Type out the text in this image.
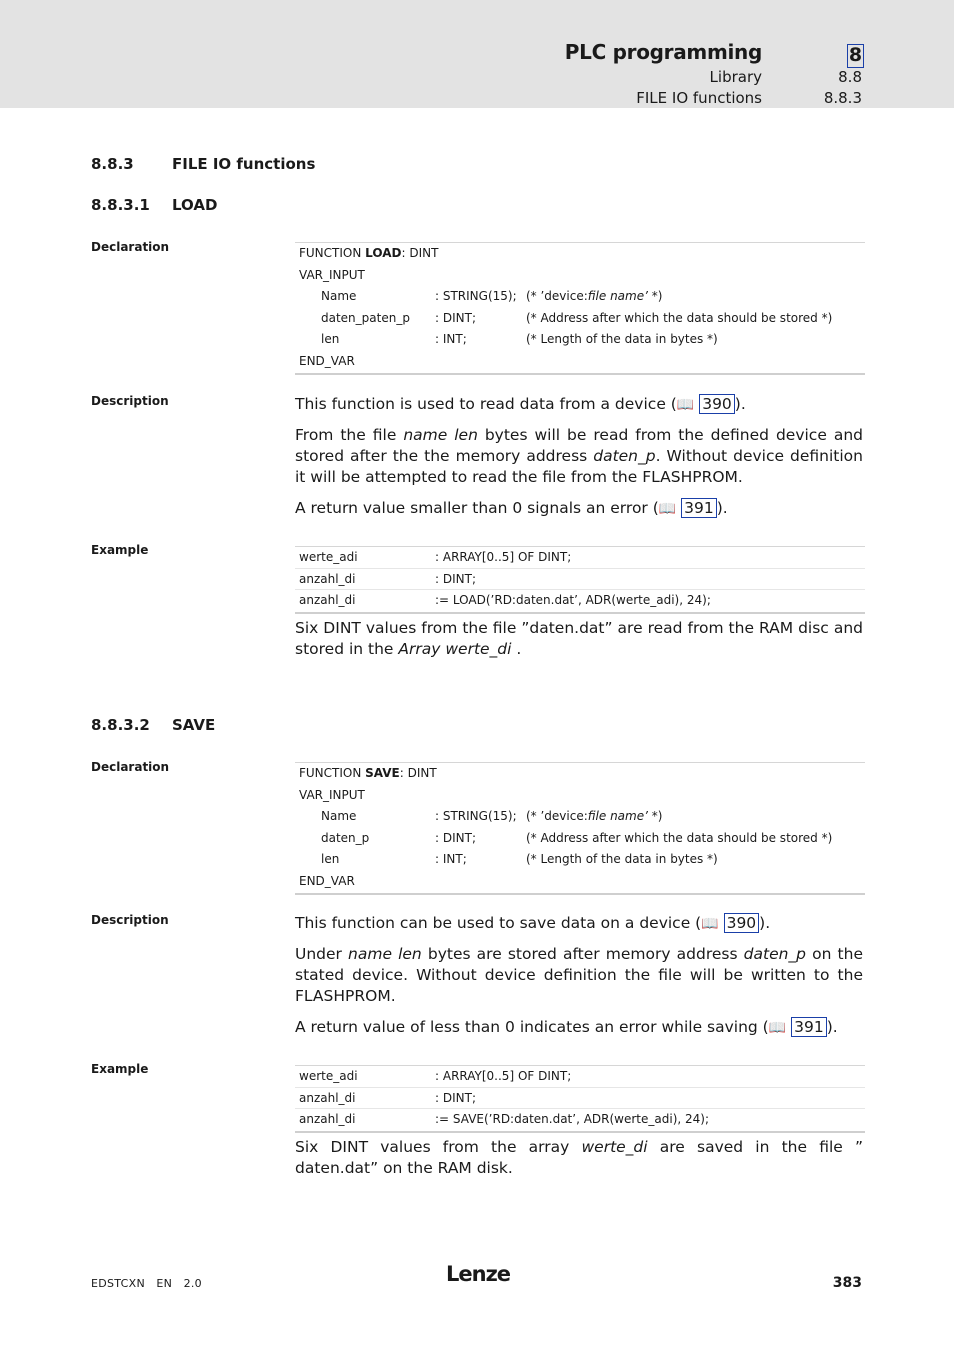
PLC programming	8
Library	8.8
FILE IO functions	8.8.3
8.8.3	FILE IO functions
8.8.3.1 LOAD
Declaration	FUNCTION LOAD: DINT
VAR_INPUT
Name	: STRING(15); (* ’device:file name’ *)
daten_paten_p : DINT;	(* Address after which the data should be stored *)
len	: INT;	(* Length of the data in bytes *)
END_VAR
Description	This function is used to read data from a device (📖 390 ).
From the file name len bytes will be read from the defined device and stored after the the memory address daten_p. Without device definition it will be attempted to read the file from the FLASHPROM.
A return value smaller than 0 signals an error (📖 391 ).
Example	werte_adi	: ARRAY[0..5] OF DINT;
anzahl_di	: DINT;
anzahl_di	:= LOAD(’RD:daten.dat’, ADR(werte_adi), 24);
Six DINT values from the file ”daten.dat” are read from the RAM disc and stored in the Array werte_di .
8.8.3.2 SAVE
Declaration	FUNCTION SAVE: DINT
VAR_INPUT
Name	: STRING(15); (* ’device:file name’ *)
daten_p	: DINT;	(* Address after which the data should be stored *)
len	: INT;	(* Length of the data in bytes *)
END_VAR
Description	This function can be used to save data on a device (📖 390 ).
Under name len bytes are stored after memory address daten_p on the stated device. Without device definition the file will be written to the FLASHPROM.
A return value of less than 0 indicates an error while saving (📖 391 ).
Example	werte_adi	: ARRAY[0..5] OF DINT;
anzahl_di	: DINT;
anzahl_di	:= SAVE(’RD:daten.dat’, ADR(werte_adi), 24);
Six DINT values from the array werte_di are saved in the file ” daten.dat” on the RAM disk.
EDSTCXN   EN   2.0	Lenze	383
